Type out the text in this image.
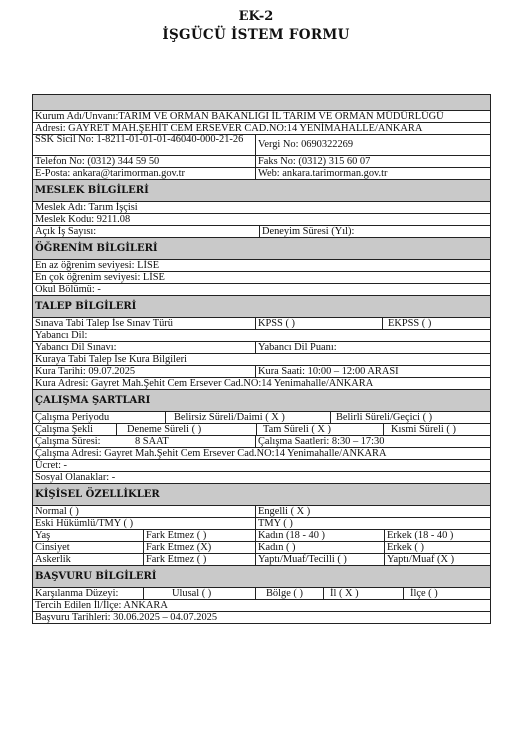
EK-2
İŞGÜCÜ İSTEM FORMU
Kurum Adı/Unvanı:TARIM VE ORMAN BAKANLIĞI İL TARIM VE ORMAN MÜDÜRLÜĞÜ
Adresi: GAYRET MAH.ŞEHİT CEM ERSEVER CAD.NO:14 YENİMAHALLE/ANKARA
SSK Sicil No: 1-8211-01-01-01-46040-000-21-26	Vergi No: 0690322269
Telefon No: (0312) 344 59 50	Faks No: (0312) 315 60 07
E-Posta: ankara@tarimorman.gov.tr	Web: ankara.tarimorman.gov.tr
MESLEK BİLGİLERİ
Meslek Adı: Tarım İşçisi
Meslek Kodu: 9211.08
Açık İş Sayısı:	Deneyim Süresi (Yıl):
ÖĞRENİM BİLGİLERİ
En az öğrenim seviyesi: LİSE
En çok öğrenim seviyesi: LİSE
Okul Bölümü: -
TALEP BİLGİLERİ
Sınava Tabi Talep İse Sınav Türü	KPSS ( )	EKPSS ( )
Yabancı Dil:
Yabancı Dil Sınavı:	Yabancı Dil Puanı:
Kuraya Tabi Talep İse Kura Bilgileri
Kura Tarihi: 09.07.2025	Kura Saati: 10:00 – 12:00 ARASI
Kura Adresi: Gayret Mah.Şehit Cem Ersever Cad.NO:14 Yenimahalle/ANKARA
ÇALIŞMA ŞARTLARI
Çalışma Periyodu	Belirsiz Süreli/Daimi ( X )	Belirli Süreli/Geçici ( )
Çalışma Şekli	Deneme Süreli ( )	Tam Süreli ( X )	Kısmi Süreli ( )
Çalışma Süresi:	8 SAAT	Çalışma Saatleri: 8:30 – 17:30
Çalışma Adresi: Gayret Mah.Şehit Cem Ersever Cad.NO:14 Yenimahalle/ANKARA
Ücret: -
Sosyal Olanaklar: -
KİŞİSEL ÖZELLİKLER
Normal ( )	Engelli ( X )
Eski Hükümlü/TMY ( )	TMY ( )
Yaş	Fark Etmez ( )	Kadın (18 - 40 )	Erkek (18 - 40 )
Cinsiyet	Fark Etmez (X)	Kadın ( )	Erkek ( )
Askerlik	Fark Etmez ( )	Yaptı/Muaf/Tecilli ( )	Yaptı/Muaf (X )
BAŞVURU BİLGİLERİ
Karşılanma Düzeyi:	Ulusal ( )	Bölge ( )	İl ( X )	İlçe ( )
Tercih Edilen İl/İlçe: ANKARA
Başvuru Tarihleri: 30.06.2025 – 04.07.2025
